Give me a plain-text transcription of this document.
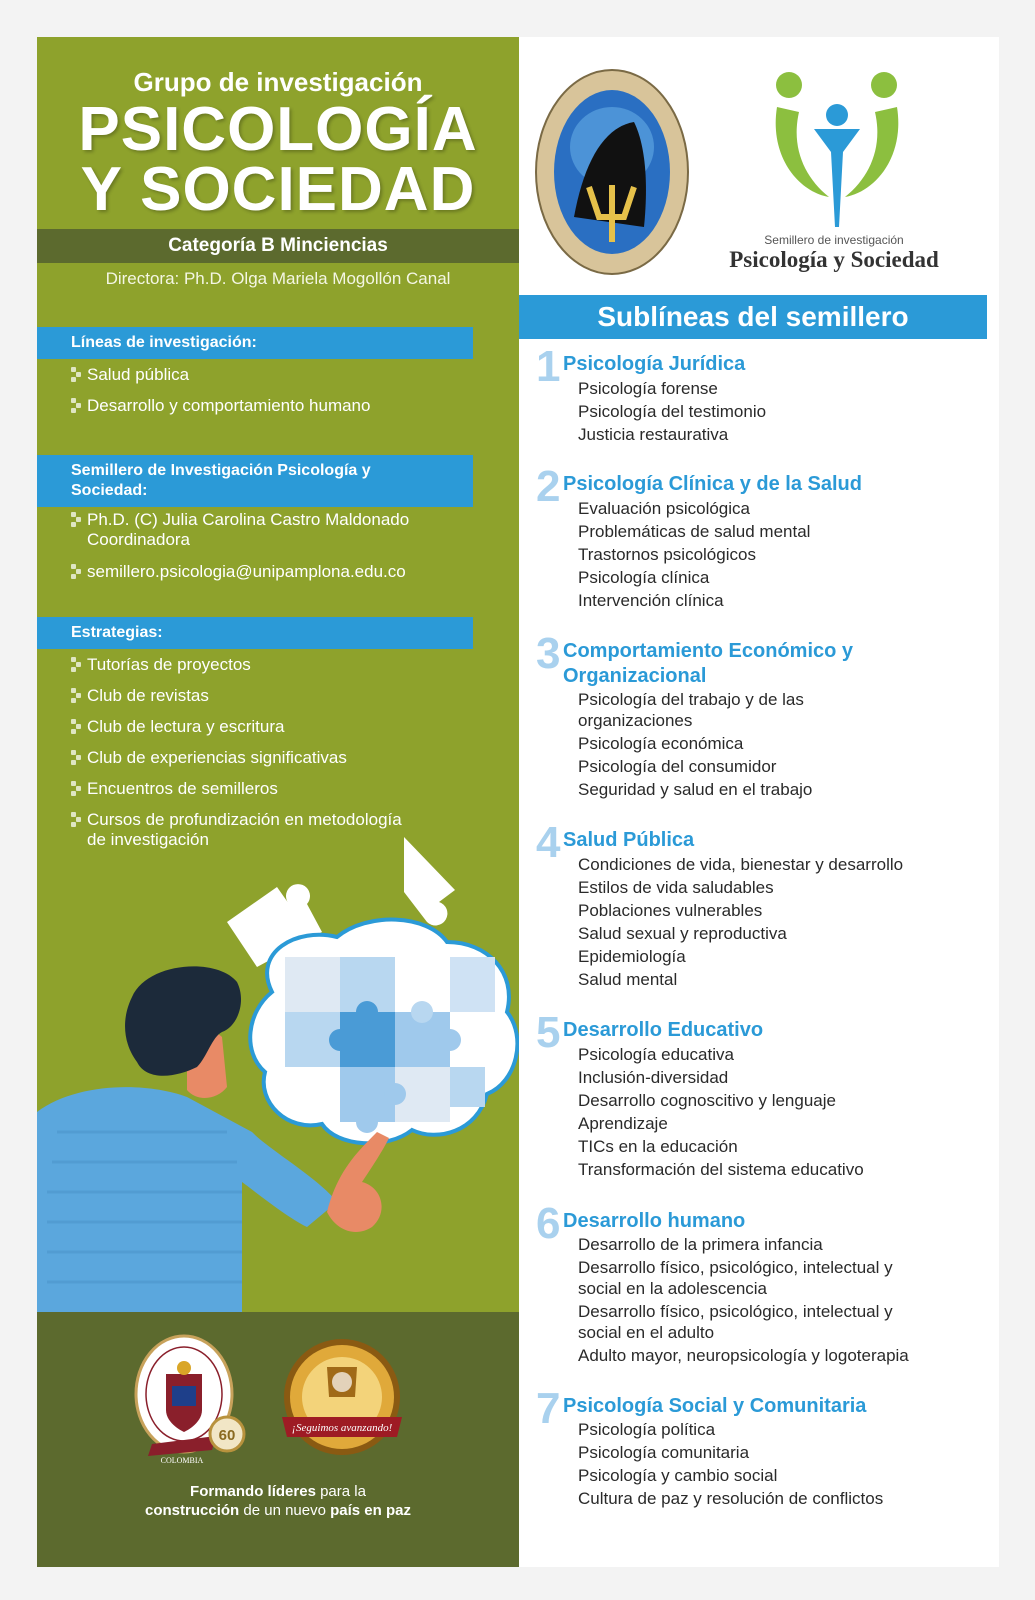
Grupo de investigación
PSICOLOGÍA
Y SOCIEDAD
Categoría B Minciencias
Directora: Ph.D. Olga Mariela Mogollón Canal
Líneas de investigación:
Salud pública
Desarrollo y comportamiento humano
Semillero de Investigación Psicología y
Sociedad:
Ph.D. (C) Julia Carolina Castro Maldonado
Coordinadora
semillero.psicologia@unipamplona.edu.co
Estrategias:
Tutorías de proyectos
Club de revistas
Club de lectura y escritura
Club de experiencias significativas
Encuentros de semilleros
Cursos de profundización en metodología
de investigación
60
COLOMBIA
¡Seguimos avanzando!
Formando líderes para la
construcción de un nuevo país en paz
Semillero de investigación
Psicología y Sociedad
Sublíneas del semillero
1 Psicología Jurídica
Psicología forense
Psicología del testimonio
Justicia restaurativa
2 Psicología Clínica y de la Salud
Evaluación psicológica
Problemáticas de salud mental
Trastornos psicológicos
Psicología clínica
Intervención clínica
3 Comportamiento Económico y
Organizacional
Psicología del trabajo y de las
organizaciones
Psicología económica
Psicología del consumidor
Seguridad y salud en el trabajo
4 Salud Pública
Condiciones de vida, bienestar y desarrollo
Estilos de vida saludables
Poblaciones vulnerables
Salud sexual y reproductiva
Epidemiología
Salud mental
5 Desarrollo Educativo
Psicología educativa
Inclusión-diversidad
Desarrollo cognoscitivo y lenguaje
Aprendizaje
TICs en la educación
Transformación del sistema educativo
6 Desarrollo humano
Desarrollo de la primera infancia
Desarrollo físico, psicológico, intelectual y
social en la adolescencia
Desarrollo físico, psicológico, intelectual y
social en el adulto
Adulto mayor, neuropsicología y logoterapia
7 Psicología Social y Comunitaria
Psicología política
Psicología comunitaria
Psicología y cambio social
Cultura de paz y resolución de conflictos
